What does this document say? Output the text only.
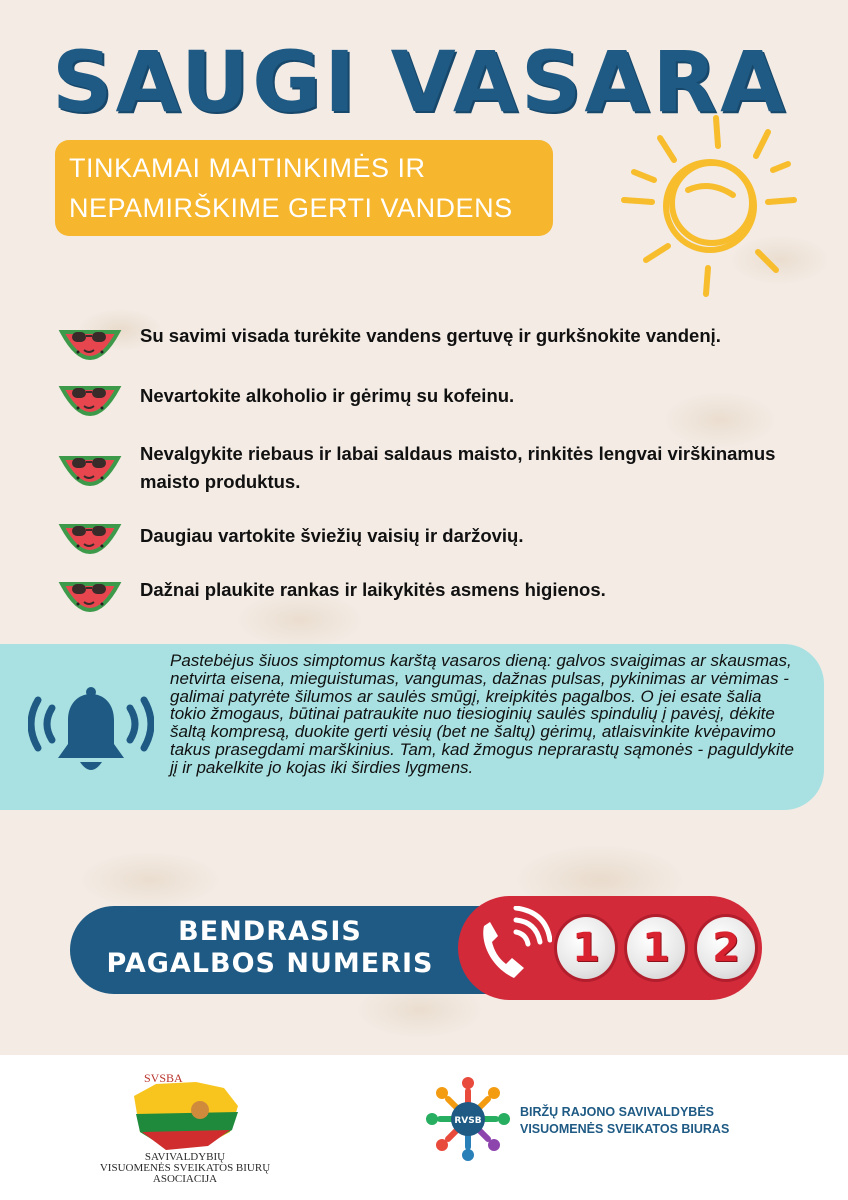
SAUGI VASARA
TINKAMAI MAITINKIMĖS IR
NEPAMIRŠKIME GERTI VANDENS
Su savimi visada turėkite vandens gertuvę ir gurkšnokite vandenį.
Nevartokite alkoholio ir gėrimų su kofeinu.
Nevalgykite riebaus ir labai saldaus maisto, rinkitės lengvai virškinamus maisto produktus.
Daugiau vartokite šviežių vaisių ir daržovių.
Dažnai plaukite rankas ir laikykitės asmens higienos.

Pastebėjus šiuos simptomus karštą vasaros dieną: galvos svaigimas ar skausmas, netvirta eisena, mieguistumas, vangumas, dažnas pulsas, pykinimas ar vėmimas - galimai patyrėte šilumos ar saulės smūgį, kreipkitės pagalbos. O jei esate šalia tokio žmogaus, būtinai patraukite nuo tiesioginių saulės spindulių į pavėsį, dėkite šaltą kompresą, duokite gerti vėsių (bet ne šaltų) gėrimų, atlaisvinkite kvėpavimo takus prasegdami marškinius. Tam, kad žmogus neprarastų sąmonės - paguldykite jį ir pakelkite jo kojas iki širdies lygmens.

BENDRASIS
PAGALBOS NUMERIS	1	1	2
SVSBA
SAVIVALDYBIŲ
VISUOMENĖS SVEIKATOS BIURŲ
ASOCIACIJA
RVSB
BIRŽŲ RAJONO SAVIVALDYBĖS
VISUOMENĖS SVEIKATOS BIURAS
